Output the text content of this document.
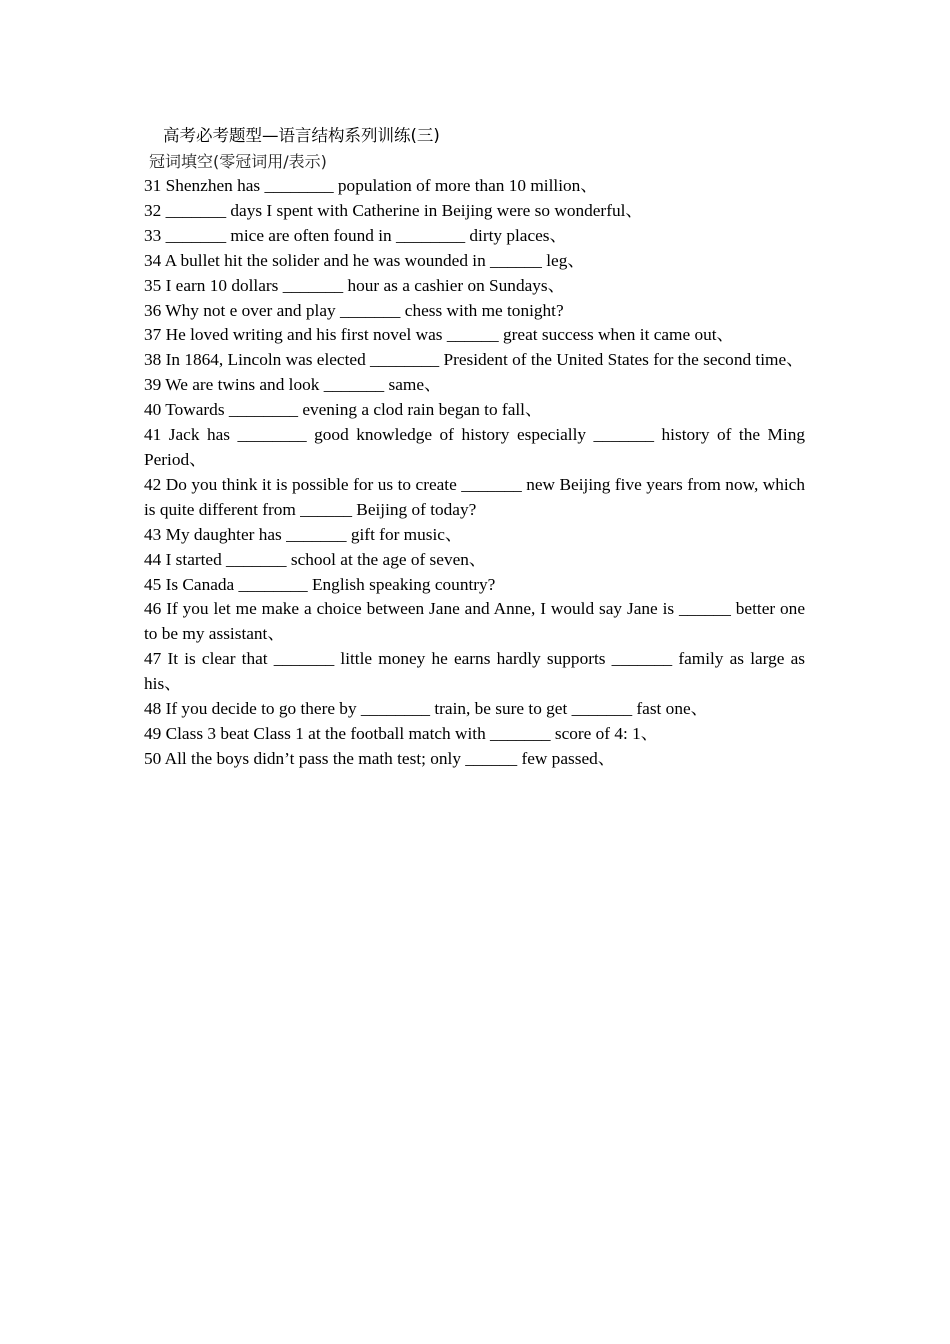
高考必考题型—语言结构系列训练(三)
冠词填空(零冠词用/表示)

31 Shenzhen has ________ population of more than 10 million、

32 _______ days I spent with Catherine in Beijing were so wonderful、

33 _______ mice are often found in ________ dirty places、

34 A bullet hit the solider and he was wounded in ______ leg、

35 I earn 10 dollars _______ hour as a cashier on Sundays、

36 Why not e over and play _______ chess with me tonight?

37 He loved writing and his first novel was ______ great success when it came out、

38 In 1864, Lincoln was elected ________ President of the United States for the second time、

39 We are twins and look _______ same、

40 Towards ________ evening a clod rain began to fall、

41 Jack has ________ good knowledge of history especially _______ history of the Ming Period、

42 Do you think it is possible for us to create _______ new Beijing five years from now, which is quite different from ______ Beijing of today?

43 My daughter has _______ gift for music、

44 I started _______ school at the age of seven、

45 Is Canada ________ English speaking country?

46 If you let me make a choice between Jane and Anne, I would say Jane is ______ better one to be my assistant、

47 It is clear that _______ little money he earns hardly supports _______ family as large as his、

48 If you decide to go there by ________ train, be sure to get _______ fast one、

49 Class 3 beat Class 1 at the football match with _______ score of 4: 1、

50 All the boys didn’t pass the math test; only ______ few passed、
